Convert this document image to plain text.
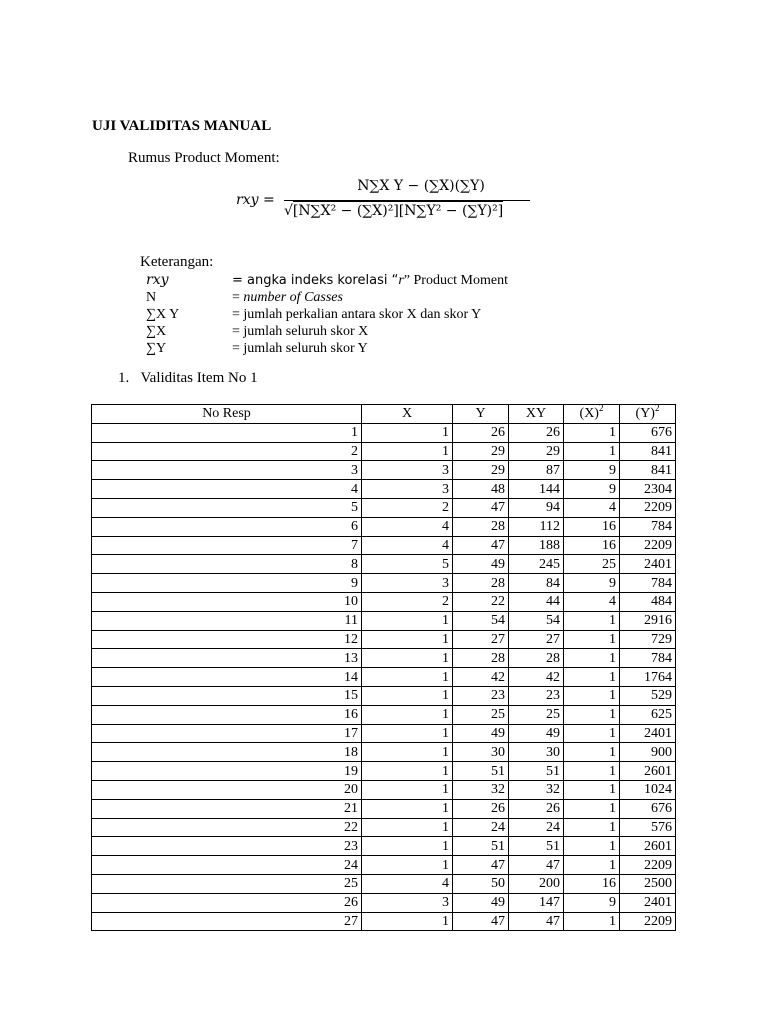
UJI VALIDITAS MANUAL
Rumus Product Moment:
rxy =
N∑X Y − (∑X)(∑Y)
√[N∑X² − (∑X)²][N∑Y² − (∑Y)²]
Keterangan:
rxy	= angka indeks korelasi “r” Product Moment
N	= number of Casses
∑X Y	= jumlah perkalian antara skor X dan skor Y
∑X	= jumlah seluruh skor X
∑Y	= jumlah seluruh skor Y
1. Validitas Item No 1
No Resp	X	Y	XY	$(X)^2$	$(Y)^2$
1	1	26	26	1	676
2	1	29	29	1	841
3	3	29	87	9	841
4	3	48	144	9	2304
5	2	47	94	4	2209
6	4	28	112	16	784
7	4	47	188	16	2209
8	5	49	245	25	2401
9	3	28	84	9	784
10	2	22	44	4	484
11	1	54	54	1	2916
12	1	27	27	1	729
13	1	28	28	1	784
14	1	42	42	1	1764
15	1	23	23	1	529
16	1	25	25	1	625
17	1	49	49	1	2401
18	1	30	30	1	900
19	1	51	51	1	2601
20	1	32	32	1	1024
21	1	26	26	1	676
22	1	24	24	1	576
23	1	51	51	1	2601
24	1	47	47	1	2209
25	4	50	200	16	2500
26	3	49	147	9	2401
27	1	47	47	1	2209
